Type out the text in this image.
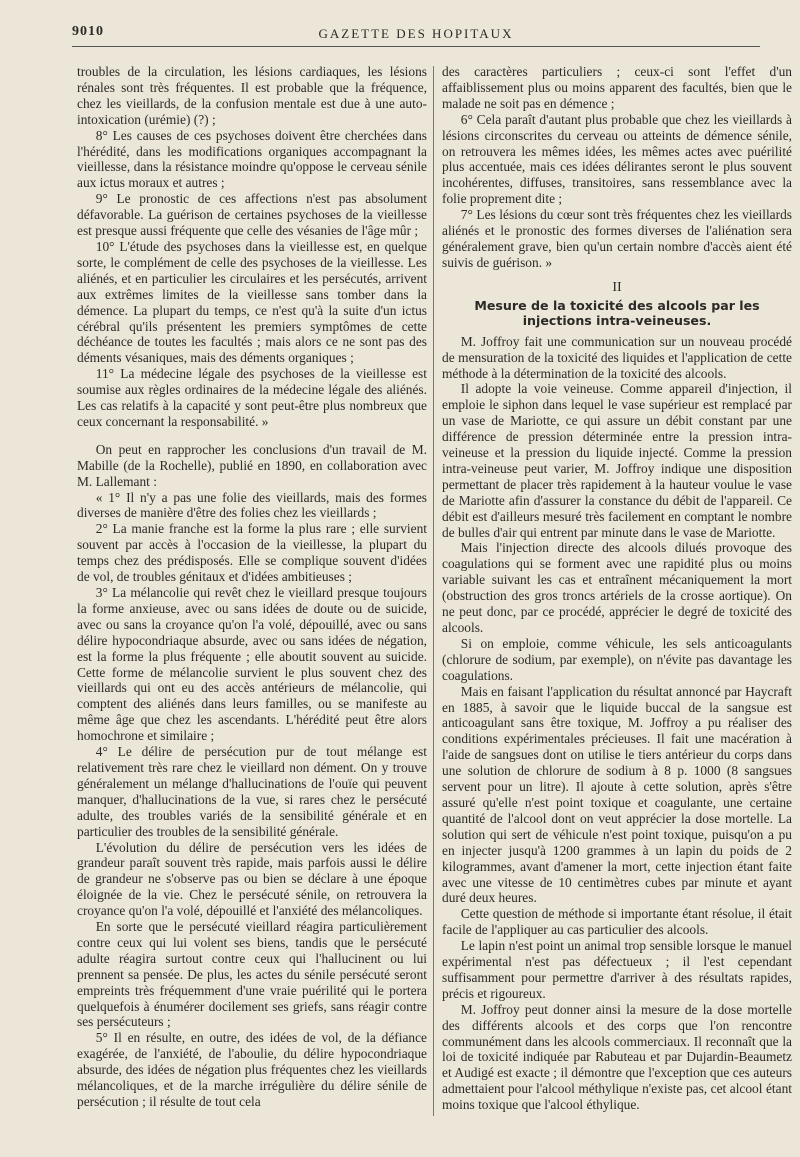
9010	GAZETTE DES HOPITAUX

troubles de la circulation, les lésions cardiaques, les lésions rénales sont très fréquentes. Il est probable que la fréquence, chez les vieillards, de la confusion mentale est due à une auto-intoxication (urémie) (?) ;

8° Les causes de ces psychoses doivent être cherchées dans l'hérédité, dans les modifications organiques accompagnant la vieillesse, dans la résistance moindre qu'oppose le cerveau sénile aux ictus moraux et autres ;

9° Le pronostic de ces affections n'est pas absolument défavorable. La guérison de certaines psychoses de la vieillesse est presque aussi fréquente que celle des vésanies de l'âge mûr ;

10° L'étude des psychoses dans la vieillesse est, en quelque sorte, le complément de celle des psychoses de la vieillesse. Les aliénés, et en particulier les circulaires et les persécutés, arrivent aux extrêmes limites de la vieillesse sans tomber dans la démence. La plupart du temps, ce n'est qu'à la suite d'un ictus cérébral qu'ils présentent les premiers symptômes de cette déchéance de toutes les facultés ; mais alors ce ne sont pas des déments vésaniques, mais des déments organiques ;

11° La médecine légale des psychoses de la vieillesse est soumise aux règles ordinaires de la médecine légale des aliénés. Les cas relatifs à la capacité y sont peut-être plus nombreux que ceux concernant la responsabilité. »

On peut en rapprocher les conclusions d'un travail de M. Mabille (de la Rochelle), publié en 1890, en collaboration avec M. Lallemant :

« 1° Il n'y a pas une folie des vieillards, mais des formes diverses de manière d'être des folies chez les vieillards ;

2° La manie franche est la forme la plus rare ; elle survient souvent par accès à l'occasion de la vieillesse, la plupart du temps chez des prédisposés. Elle se complique souvent d'idées de vol, de troubles génitaux et d'idées ambitieuses ;

3° La mélancolie qui revêt chez le vieillard presque toujours la forme anxieuse, avec ou sans idées de doute ou de suicide, avec ou sans la croyance qu'on l'a volé, dépouillé, avec ou sans délire hypocondriaque absurde, avec ou sans idées de négation, est la forme la plus fréquente ; elle aboutit souvent au suicide. Cette forme de mélancolie survient le plus souvent chez des vieillards qui ont eu des accès antérieurs de mélancolie, qui comptent des aliénés dans leurs familles, ou se manifeste au même âge que chez les ascendants. L'hérédité peut être alors homochrone et similaire ;

4° Le délire de persécution pur de tout mélange est relativement très rare chez le vieillard non dément. On y trouve généralement un mélange d'hallucinations de l'ouïe qui peuvent manquer, d'hallucinations de la vue, si rares chez le persécuté adulte, des troubles variés de la sensibilité générale et en particulier des troubles de la sensibilité générale.

L'évolution du délire de persécution vers les idées de grandeur paraît souvent très rapide, mais parfois aussi le délire de grandeur ne s'observe pas ou bien se déclare à une époque éloignée de la vie. Chez le persécuté sénile, on retrouvera la croyance qu'on l'a volé, dépouillé et l'anxiété des mélancoliques.

En sorte que le persécuté vieillard réagira particulièrement contre ceux qui lui volent ses biens, tandis que le persécuté adulte réagira surtout contre ceux qui l'hallucinent ou lui prennent sa pensée. De plus, les actes du sénile persécuté seront empreints très fréquemment d'une vraie puérilité qui le portera quelquefois à énumérer docilement ses griefs, sans réagir contre ses persécuteurs ;

5° Il en résulte, en outre, des idées de vol, de la défiance exagérée, de l'anxiété, de l'aboulie, du délire hypocondriaque absurde, des idées de négation plus fréquentes chez les vieillards mélancoliques, et de la marche irrégulière du délire sénile de persécution ; il résulte de tout cela

des caractères particuliers ; ceux-ci sont l'effet d'un affaiblissement plus ou moins apparent des facultés, bien que le malade ne soit pas en démence ;

6° Cela paraît d'autant plus probable que chez les vieillards à lésions circonscrites du cerveau ou atteints de démence sénile, on retrouvera les mêmes idées, les mêmes actes avec puérilité plus accentuée, mais ces idées délirantes seront le plus souvent incohérentes, diffuses, transitoires, sans ressemblance avec la folie proprement dite ;

7° Les lésions du cœur sont très fréquentes chez les vieillards aliénés et le pronostic des formes diverses de l'aliénation sera généralement grave, bien qu'un certain nombre d'accès aient été suivis de guérison. »

II
Mesure de la toxicité des alcools par les injections intra-veineuses.

M. Joffroy fait une communication sur un nouveau procédé de mensuration de la toxicité des liquides et l'application de cette méthode à la détermination de la toxicité des alcools.

Il adopte la voie veineuse. Comme appareil d'injection, il emploie le siphon dans lequel le vase supérieur est remplacé par un vase de Mariotte, ce qui assure un débit constant par une différence de pression déterminée entre la pression intra-veineuse et la pression du liquide injecté. Comme la pression intra-veineuse peut varier, M. Joffroy indique une disposition permettant de placer très rapidement à la hauteur voulue le vase de Mariotte afin d'assurer la constance du débit de l'appareil. Ce débit est d'ailleurs mesuré très facilement en comptant le nombre de bulles d'air qui entrent par minute dans le vase de Mariotte.

Mais l'injection directe des alcools dilués provoque des coagulations qui se forment avec une rapidité plus ou moins variable suivant les cas et entraînent mécaniquement la mort (obstruction des gros troncs artériels de la crosse aortique). On ne peut donc, par ce procédé, apprécier le degré de toxicité des alcools.

Si on emploie, comme véhicule, les sels anticoagulants (chlorure de sodium, par exemple), on n'évite pas davantage les coagulations.

Mais en faisant l'application du résultat annoncé par Haycraft en 1885, à savoir que le liquide buccal de la sangsue est anticoagulant sans être toxique, M. Joffroy a pu réaliser des conditions expérimentales précieuses. Il fait une macération à l'aide de sangsues dont on utilise le tiers antérieur du corps dans une solution de chlorure de sodium à 8 p. 1000 (8 sangsues servent pour un litre). Il ajoute à cette solution, après s'être assuré qu'elle n'est point toxique et coagulante, une certaine quantité de l'alcool dont on veut apprécier la dose mortelle. La solution qui sert de véhicule n'est point toxique, puisqu'on a pu en injecter jusqu'à 1200 grammes à un lapin du poids de 2 kilogrammes, avant d'amener la mort, cette injection étant faite avec une vitesse de 10 centimètres cubes par minute et ayant duré deux heures.

Cette question de méthode si importante étant résolue, il était facile de l'appliquer au cas particulier des alcools.

Le lapin n'est point un animal trop sensible lorsque le manuel expérimental n'est pas défectueux ; il l'est cependant suffisamment pour permettre d'arriver à des résultats rapides, précis et rigoureux.

M. Joffroy peut donner ainsi la mesure de la dose mortelle des différents alcools et des corps que l'on rencontre communément dans les alcools commerciaux. Il reconnaît que la loi de toxicité indiquée par Rabuteau et par Dujardin-Beaumetz et Audigé est exacte ; il démontre que l'exception que ces auteurs admettaient pour l'alcool méthylique n'existe pas, cet alcool étant moins toxique que l'alcool éthylique.
